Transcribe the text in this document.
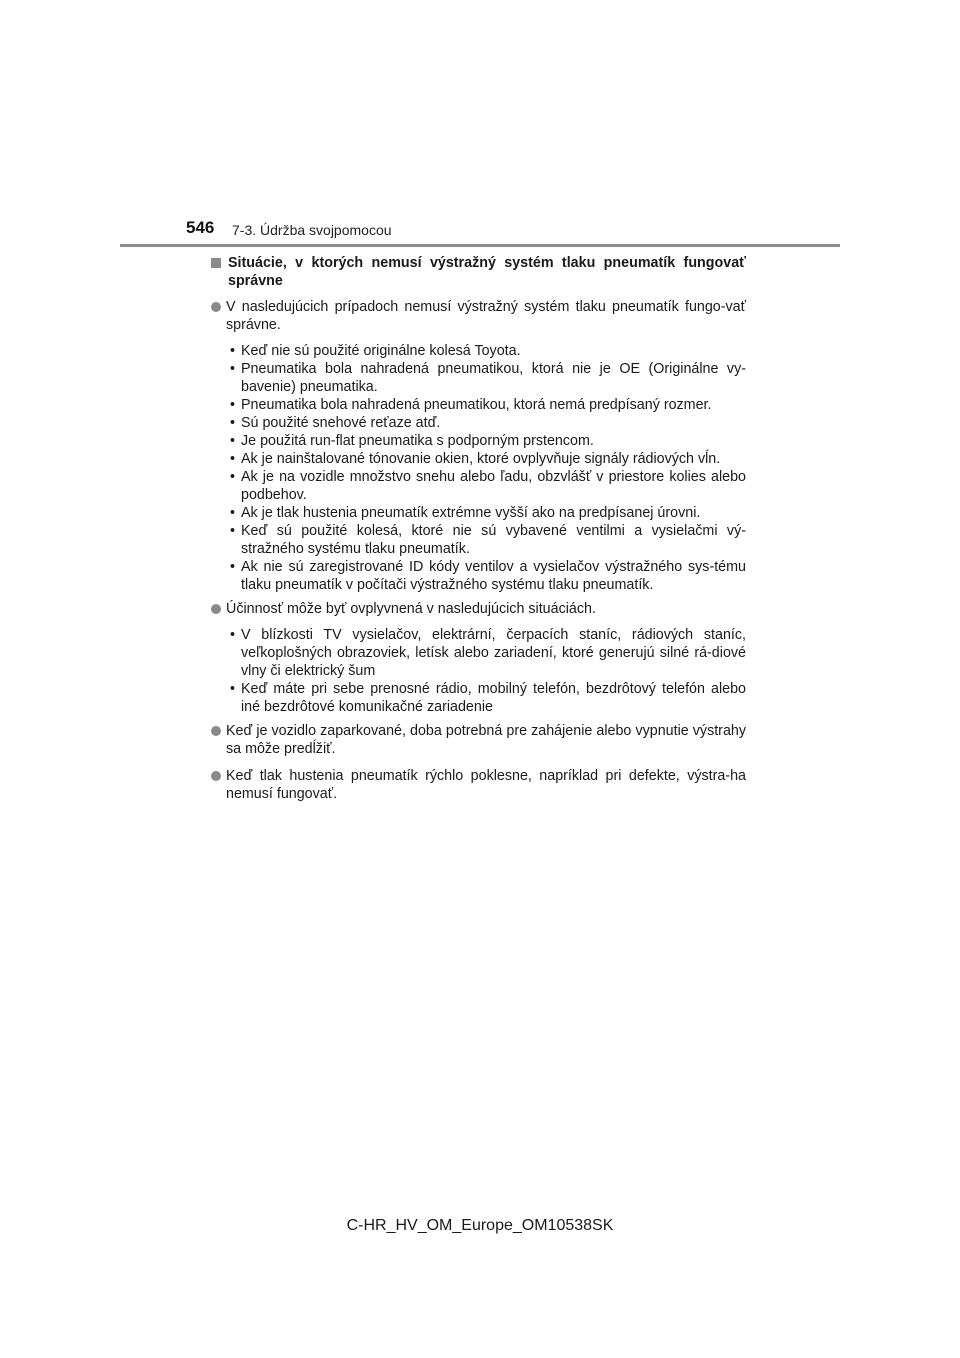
546 7-3. Údržba svojpomocou
Situácie, v ktorých nemusí výstražný systém tlaku pneumatík fungovať správne
V nasledujúcich prípadoch nemusí výstražný systém tlaku pneumatík fungo-vať správne.
• Keď nie sú použité originálne kolesá Toyota.
• Pneumatika bola nahradená pneumatikou, ktorá nie je OE (Originálne vy-bavenie) pneumatika.
• Pneumatika bola nahradená pneumatikou, ktorá nemá predpísaný rozmer.
• Sú použité snehové reťaze atď.
• Je použitá run-flat pneumatika s podporným prstencom.
• Ak je nainštalované tónovanie okien, ktoré ovplyvňuje signály rádiových vĺn.
• Ak je na vozidle množstvo snehu alebo ľadu, obzvlášť v priestore kolies alebo podbehov.
• Ak je tlak hustenia pneumatík extrémne vyšší ako na predpísanej úrovni.
• Keď sú použité kolesá, ktoré nie sú vybavené ventilmi a vysielačmi vý-stražného systému tlaku pneumatík.
• Ak nie sú zaregistrované ID kódy ventilov a vysielačov výstražného sys-tému tlaku pneumatík v počítači výstražného systému tlaku pneumatík.
Účinnosť môže byť ovplyvnená v nasledujúcich situáciách.
• V blízkosti TV vysielačov, elektrární, čerpacích staníc, rádiových staníc, veľkoplošných obrazoviek, letísk alebo zariadení, ktoré generujú silné rá-diové vlny či elektrický šum
• Keď máte pri sebe prenosné rádio, mobilný telefón, bezdrôtový telefón alebo iné bezdrôtové komunikačné zariadenie
Keď je vozidlo zaparkované, doba potrebná pre zahájenie alebo vypnutie výstrahy sa môže predĺžiť.
Keď tlak hustenia pneumatík rýchlo poklesne, napríklad pri defekte, výstra-ha nemusí fungovať.
C-HR_HV_OM_Europe_OM10538SK
